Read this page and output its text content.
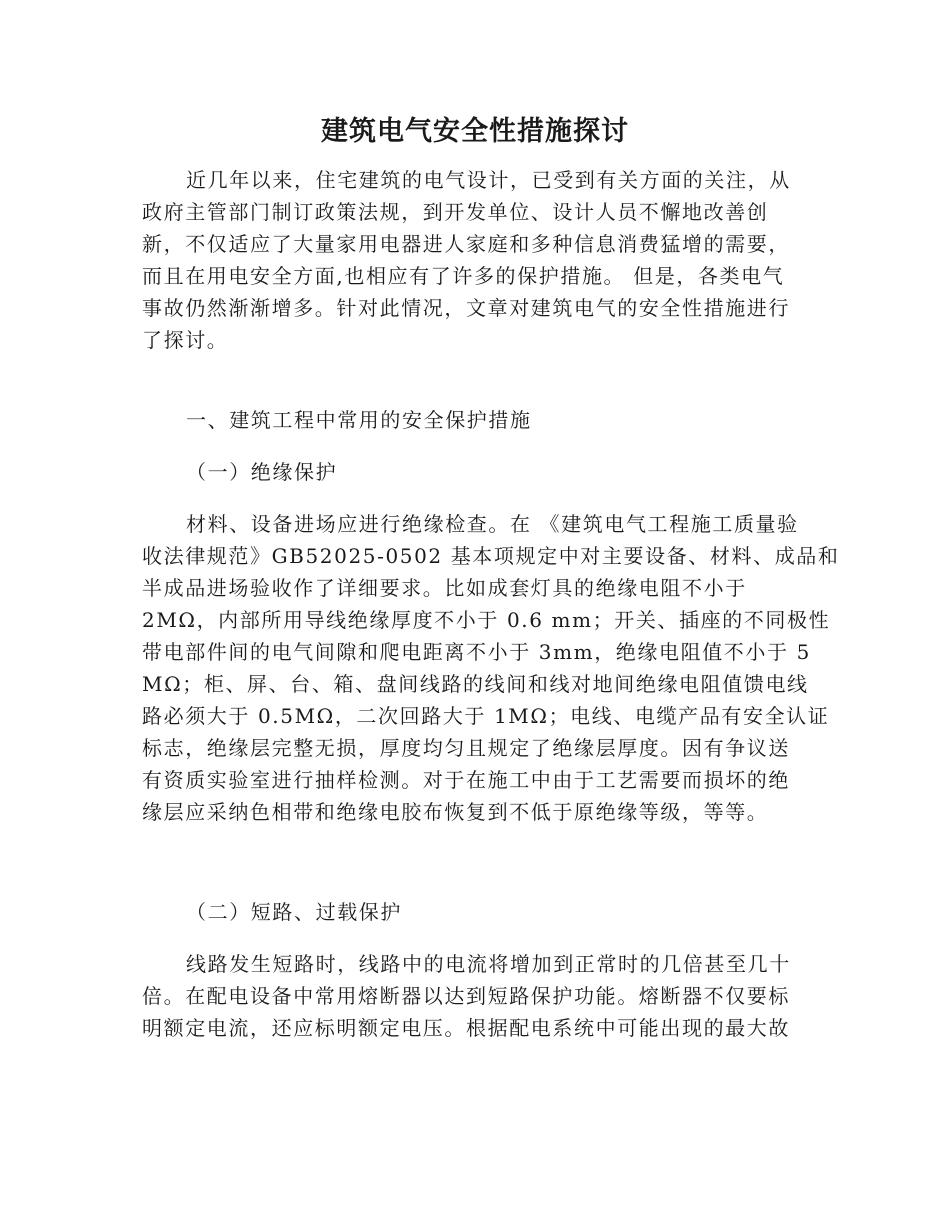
建筑电气安全性措施探讨

近几年以来，住宅建筑的电气设计，已受到有关方面的关注，从
政府主管部门制订政策法规，到开发单位、设计人员不懈地改善创
新，不仅适应了大量家用电器进人家庭和多种信息消费猛增的需要，
而且在用电安全方面,也相应有了许多的保护措施。 但是，各类电气
事故仍然渐渐增多。针对此情况，文章对建筑电气的安全性措施进行
了探讨。

一、建筑工程中常用的安全保护措施
（一）绝缘保护

材料、设备进场应进行绝缘检查。在 《建筑电气工程施工质量验
收法律规范》GB52025-0502 基本项规定中对主要设备、材料、成品和
半成品进场验收作了详细要求。比如成套灯具的绝缘电阻不小于
2MΩ，内部所用导线绝缘厚度不小于 0.6 mm；开关、插座的不同极性
带电部件间的电气间隙和爬电距离不小于 3mm，绝缘电阻值不小于 5
MΩ；柜、屏、台、箱、盘间线路的线间和线对地间绝缘电阻值馈电线
路必须大于 0.5MΩ，二次回路大于 1MΩ；电线、电缆产品有安全认证
标志，绝缘层完整无损，厚度均匀且规定了绝缘层厚度。因有争议送
有资质实验室进行抽样检测。对于在施工中由于工艺需要而损坏的绝
缘层应采纳色相带和绝缘电胶布恢复到不低于原绝缘等级，等等。

（二）短路、过载保护

线路发生短路时，线路中的电流将增加到正常时的几倍甚至几十
倍。在配电设备中常用熔断器以达到短路保护功能。熔断器不仅要标
明额定电流，还应标明额定电压。根据配电系统中可能出现的最大故
